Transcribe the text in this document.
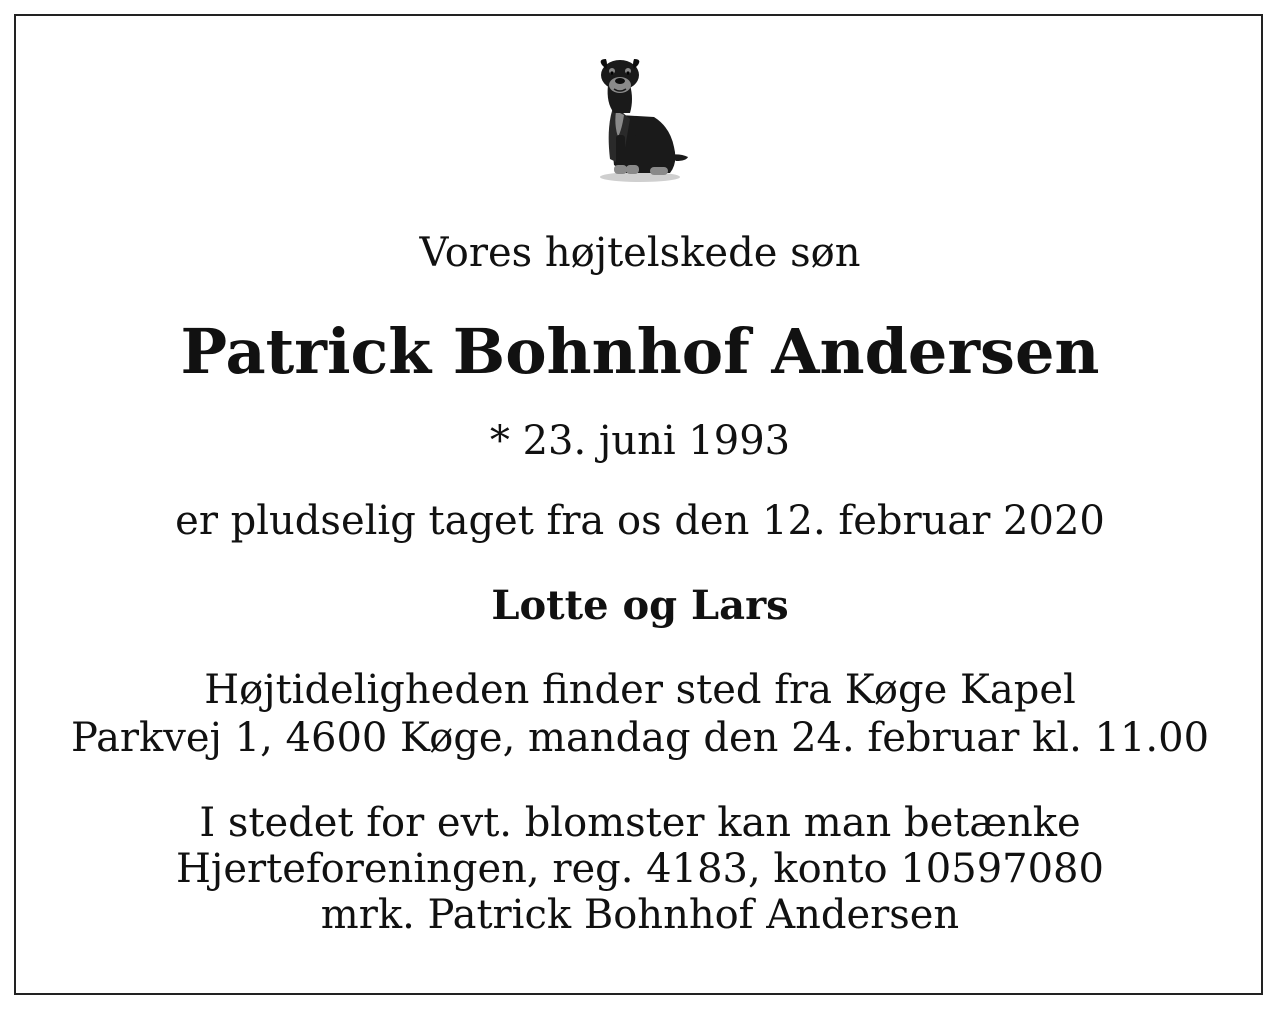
Vores højtelskede søn
Patrick Bohnhof Andersen
* 23. juni 1993
er pludselig taget fra os den 12. februar 2020
Lotte og Lars
Højtideligheden finder sted fra Køge Kapel
Parkvej 1, 4600 Køge, mandag den 24. februar kl. 11.00
I stedet for evt. blomster kan man betænke
Hjerteforeningen, reg. 4183, konto 10597080
mrk. Patrick Bohnhof Andersen
